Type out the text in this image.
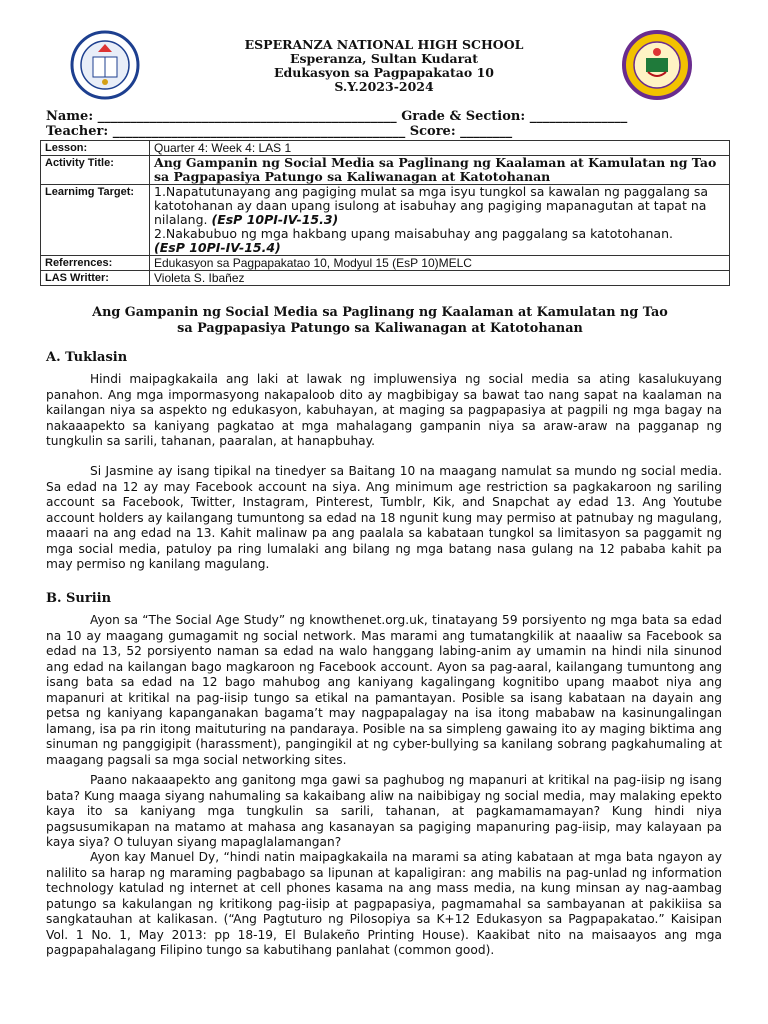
ESPERANZA NATIONAL HIGH SCHOOL
Esperanza, Sultan Kudarat
Edukasyon sa Pagpapakatao 10
S.Y.2023-2024
Name: ______________________________________________ Grade & Section: _______________
Teacher: _____________________________________________ Score: ________
Lesson:	Quarter 4: Week 4: LAS 1
Activity Title:	Ang Gampanin ng Social Media sa Paglinang ng Kaalaman at Kamulatan ng Tao sa Pagpapasiya Patungo sa Kaliwanagan at Katotohanan
Learnimg Target:	1.Napatutunayang ang pagiging mulat sa mga isyu tungkol sa kawalan ng paggalang sa katotohanan ay daan upang isulong at isabuhay ang pagiging mapanagutan at tapat na nilalang. (EsP 10PI-IV-15.3)
2.Nakabubuo ng mga hakbang upang maisabuhay ang paggalang sa katotohanan.
(EsP 10PI-IV-15.4)
Referrences:	Edukasyon sa Pagpapakatao 10, Modyul 15 (EsP 10)MELC
LAS Writter:	Violeta S. Ibañez
Ang Gampanin ng Social Media sa Paglinang ng Kaalaman at Kamulatan ng Tao
sa Pagpapasiya Patungo sa Kaliwanagan at Katotohanan
A. Tuklasin
Hindi maipagkakaila ang laki at lawak ng impluwensiya ng social media sa ating kasalukuyang panahon. Ang mga impormasyong nakapaloob dito ay magbibigay sa bawat tao nang sapat na kaalaman na kailangan niya sa aspekto ng edukasyon, kabuhayan, at maging sa pagpapasiya at pagpili ng mga bagay na nakaaapekto sa kaniyang pagkatao at mga mahalagang gampanin niya sa araw-araw na pagganap ng tungkulin sa sarili, tahanan, paaralan, at hanapbuhay.
Si Jasmine ay isang tipikal na tinedyer sa Baitang 10 na maagang namulat sa mundo ng social media. Sa edad na 12 ay may Facebook account na siya. Ang minimum age restriction sa pagkakaroon ng sariling account sa Facebook, Twitter, Instagram, Pinterest, Tumblr, Kik, and Snapchat ay edad 13. Ang Youtube account holders ay kailangang tumuntong sa edad na 18 ngunit kung may permiso at patnubay ng magulang, maaari na ang edad na 13. Kahit malinaw pa ang paalala sa kabataan tungkol sa limitasyon sa paggamit ng mga social media, patuloy pa ring lumalaki ang bilang ng mga batang nasa gulang na 12 pababa kahit pa may permiso ng kanilang magulang.
B. Suriin
Ayon sa “The Social Age Study” ng knowthenet.org.uk, tinatayang 59 porsiyento ng mga bata sa edad na 10 ay maagang gumagamit ng social network. Mas marami ang tumatangkilik at naaaliw sa Facebook sa edad na 13, 52 porsiyento naman sa edad na walo hanggang labing-anim ay umamin na hindi nila sinunod ang edad na kailangan bago magkaroon ng Facebook account. Ayon sa pag-aaral, kailangang tumuntong ang isang bata sa edad na 12 bago mahubog ang kaniyang kagalingang kognitibo upang maabot niya ang mapanuri at kritikal na pag-iisip tungo sa etikal na pamantayan. Posible sa isang kabataan na dayain ang petsa ng kaniyang kapanganakan bagama’t may nagpapalagay na isa itong mababaw na kasinungalingan lamang, isa pa rin itong maituturing na pandaraya. Posible na sa simpleng gawaing ito ay maging biktima ang sinuman ng panggigipit (harassment), pangingikil at ng cyber-bullying sa kanilang sobrang pagkahumaling at maagang pagsali sa mga social networking sites.
Paano nakaaapekto ang ganitong mga gawi sa paghubog ng mapanuri at kritikal na pag-iisip ng isang bata? Kung maaga siyang nahumaling sa kakaibang aliw na naibibigay ng social media, may malaking epekto kaya ito sa kaniyang mga tungkulin sa sarili, tahanan, at pagkamamamayan? Kung hindi niya pagsusumikapan na matamo at mahasa ang kasanayan sa pagiging mapanuring pag-iisip, may kalayaan pa kaya siya? O tuluyan siyang mapaglalamangan?
Ayon kay Manuel Dy, “hindi natin maipagkakaila na marami sa ating kabataan at mga bata ngayon ay nalilito sa harap ng maraming pagbabago sa lipunan at kapaligiran: ang mabilis na pag-unlad ng information technology katulad ng internet at cell phones kasama na ang mass media, na kung minsan ay nag-aambag patungo sa kakulangan ng kritikong pag-iisip at pagpapasiya, pagmamahal sa sambayanan at pakikiisa sa sangkatauhan at kalikasan. (“Ang Pagtuturo ng Pilosopiya sa K+12 Edukasyon sa Pagpapakatao.” Kaisipan Vol. 1 No. 1, May 2013: pp 18-19, El Bulakeño Printing House). Kaakibat nito na maisaayos ang mga pagpapahalagang Filipino tungo sa kabutihang panlahat (common good).
